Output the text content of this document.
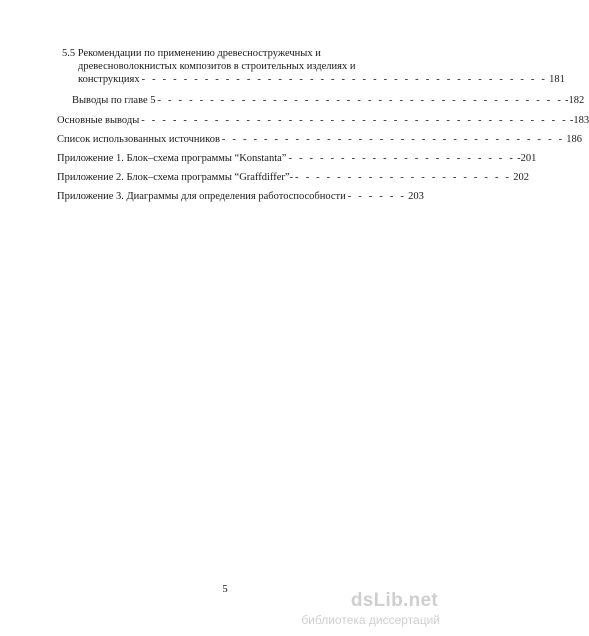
5.5 Рекомендации по применению древесностружечных и
древесноволокнистых композитов в строительных изделиях и
конструкциях - - - - - - - - - - - - - - - - - - - - - - - - - - - - - - - - - - - - - - - 181
Выводы по главе 5 - - - - - - - - - - - - - - - - - - - - - - - - - - - - - - - - - - - - - - - -182
Основные выводы - - - - - - - - - - - - - - - - - - - - - - - - - - - - - - - - - - - - - - - - - -183
Список использованных источников - - - - - - - - - - - - - - - - - - - - - - - - - - - - - - - - - 186
Приложение 1. Блок–схема программы “Konstanta” - - - - - - - - - - - - - - - - - - - - - - -201
Приложение 2. Блок–схема программы “Graffdiffer”- - - - - - - - - - - - - - - - - - - - - - 202
Приложение 3. Диаграммы для определения работоспособности - - - - - - 203
5
dsLib.net
библиотека диссертаций
